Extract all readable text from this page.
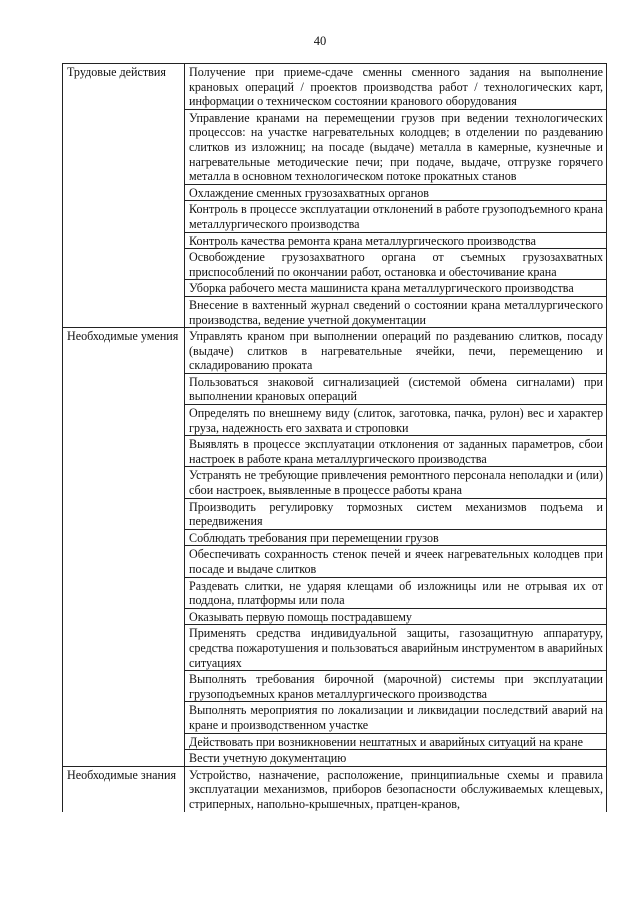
40
Трудовые действия	Получение при приеме-сдаче сменны сменного задания на выполнение крановых операций / проектов производства работ / технологических карт, информации о техническом состоянии кранового оборудования
	Управление кранами на перемещении грузов при ведении технологических процессов: на участке нагревательных колодцев; в отделении по раздеванию слитков из изложниц; на посаде (выдаче) металла в камерные, кузнечные и нагревательные методические печи; при подаче, выдаче, отгрузке горячего металла в основном технологическом потоке прокатных станов
	Охлаждение сменных грузозахватных органов
	Контроль в процессе эксплуатации отклонений в работе грузоподъемного крана металлургического производства
	Контроль качества ремонта крана металлургического производства
	Освобождение грузозахватного органа от съемных грузозахватных приспособлений по окончании работ, остановка и обесточивание крана
	Уборка рабочего места машиниста крана металлургического производства
	Внесение в вахтенный журнал сведений о состоянии крана металлургического производства, ведение учетной документации
Необходимые умения	Управлять краном при выполнении операций по раздеванию слитков, посаду (выдаче) слитков в нагревательные ячейки, печи, перемещению и складированию проката
	Пользоваться знаковой сигнализацией (системой обмена сигналами) при выполнении крановых операций
	Определять по внешнему виду (слиток, заготовка, пачка, рулон) вес и характер груза, надежность его захвата и строповки
	Выявлять в процессе эксплуатации отклонения от заданных параметров, сбои настроек в работе крана металлургического производства
	Устранять не требующие привлечения ремонтного персонала неполадки и (или) сбои настроек, выявленные в процессе работы крана
	Производить регулировку тормозных систем механизмов подъема и передвижения
	Соблюдать требования при перемещении грузов
	Обеспечивать сохранность стенок печей и ячеек нагревательных колодцев при посаде и выдаче слитков
	Раздевать слитки, не ударяя клещами об изложницы или не отрывая их от поддона, платформы или пола
	Оказывать первую помощь пострадавшему
	Применять средства индивидуальной защиты, газозащитную аппаратуру, средства пожаротушения и пользоваться аварийным инструментом в аварийных ситуациях
	Выполнять требования бирочной (марочной) системы при эксплуатации грузоподъемных кранов металлургического производства
	Выполнять мероприятия по локализации и ликвидации последствий аварий на кране и производственном участке
	Действовать при возникновении нештатных и аварийных ситуаций на кране
	Вести учетную документацию
Необходимые знания	Устройство, назначение, расположение, принципиальные схемы и правила эксплуатации механизмов, приборов безопасности обслуживаемых клещевых, стриперных, напольно-крышечных, пратцен-кранов,
